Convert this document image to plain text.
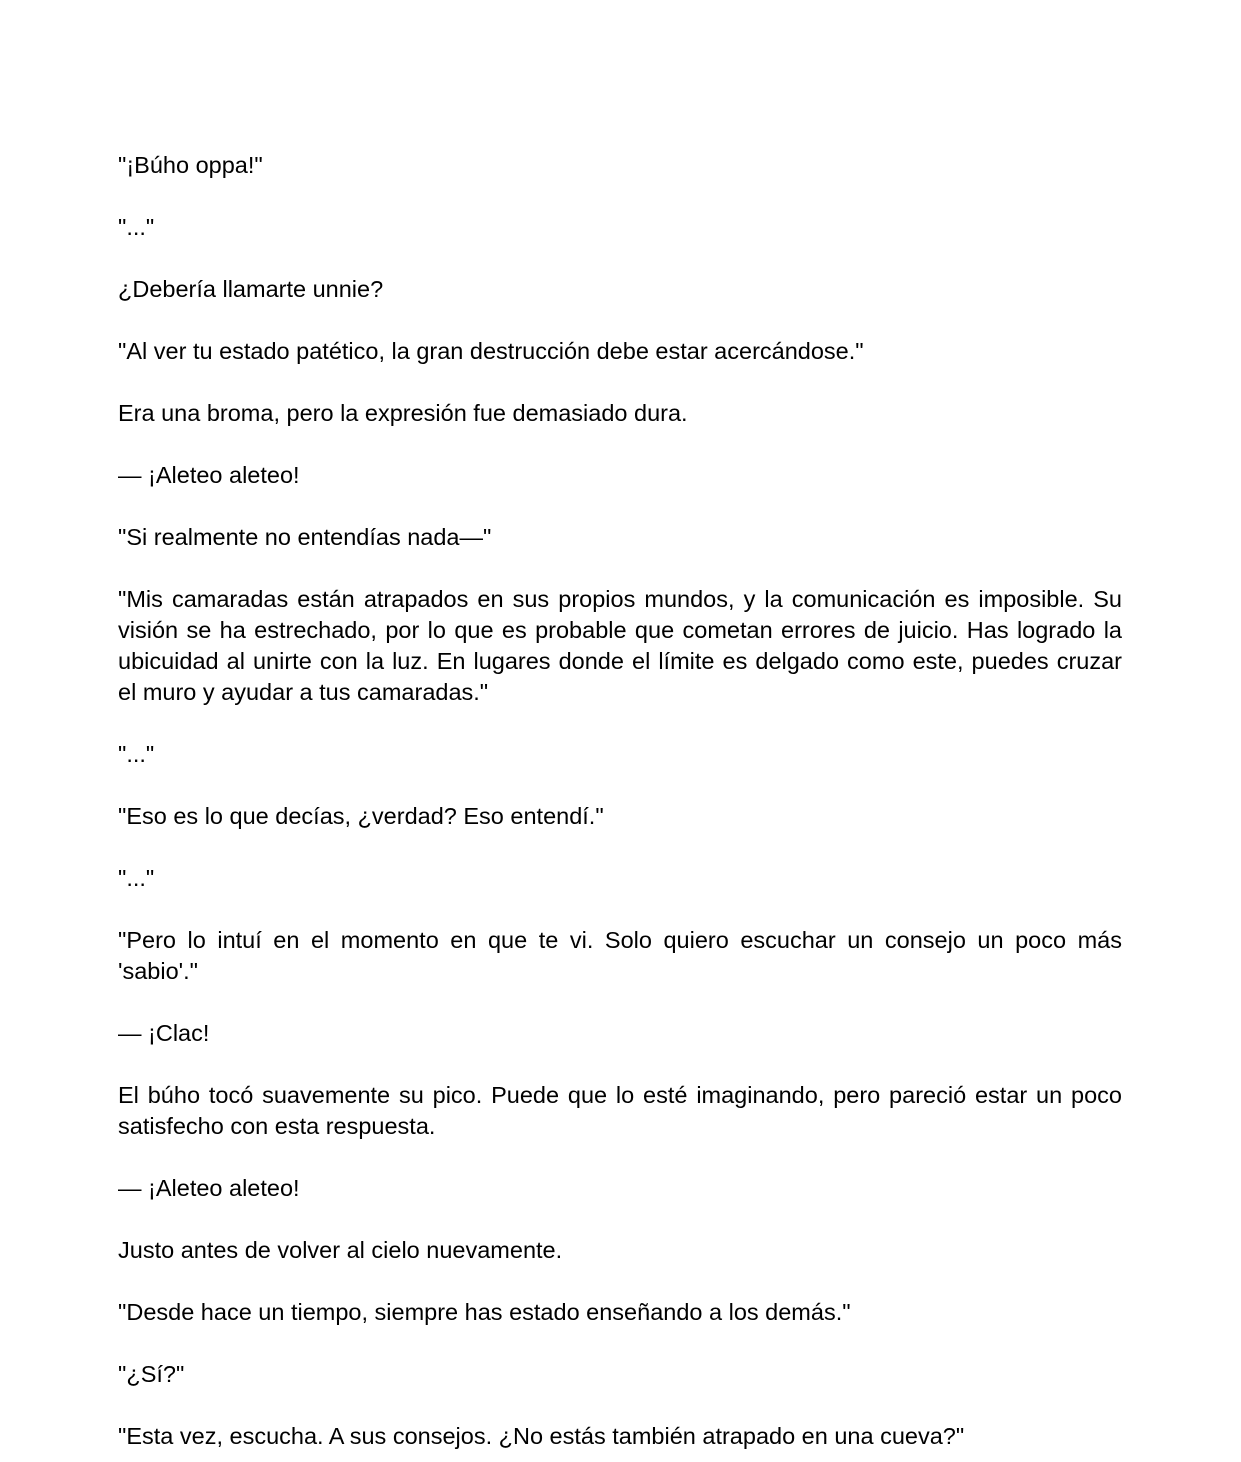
"¡Búho oppa!"

"..."

¿Debería llamarte unnie?

"Al ver tu estado patético, la gran destrucción debe estar acercándose."

Era una broma, pero la expresión fue demasiado dura.

— ¡Aleteo aleteo!

"Si realmente no entendías nada—"

"Mis camaradas están atrapados en sus propios mundos, y la comunicación es imposible. Su visión se ha estrechado, por lo que es probable que cometan errores de juicio. Has logrado la ubicuidad al unirte con la luz. En lugares donde el límite es delgado como este, puedes cruzar el muro y ayudar a tus camaradas."

"..."

"Eso es lo que decías, ¿verdad? Eso entendí."

"..."

"Pero lo intuí en el momento en que te vi. Solo quiero escuchar un consejo un poco más 'sabio'."

— ¡Clac!

El búho tocó suavemente su pico. Puede que lo esté imaginando, pero pareció estar un poco satisfecho con esta respuesta.

— ¡Aleteo aleteo!

Justo antes de volver al cielo nuevamente.

"Desde hace un tiempo, siempre has estado enseñando a los demás."

"¿Sí?"

"Esta vez, escucha. A sus consejos. ¿No estás también atrapado en una cueva?"
